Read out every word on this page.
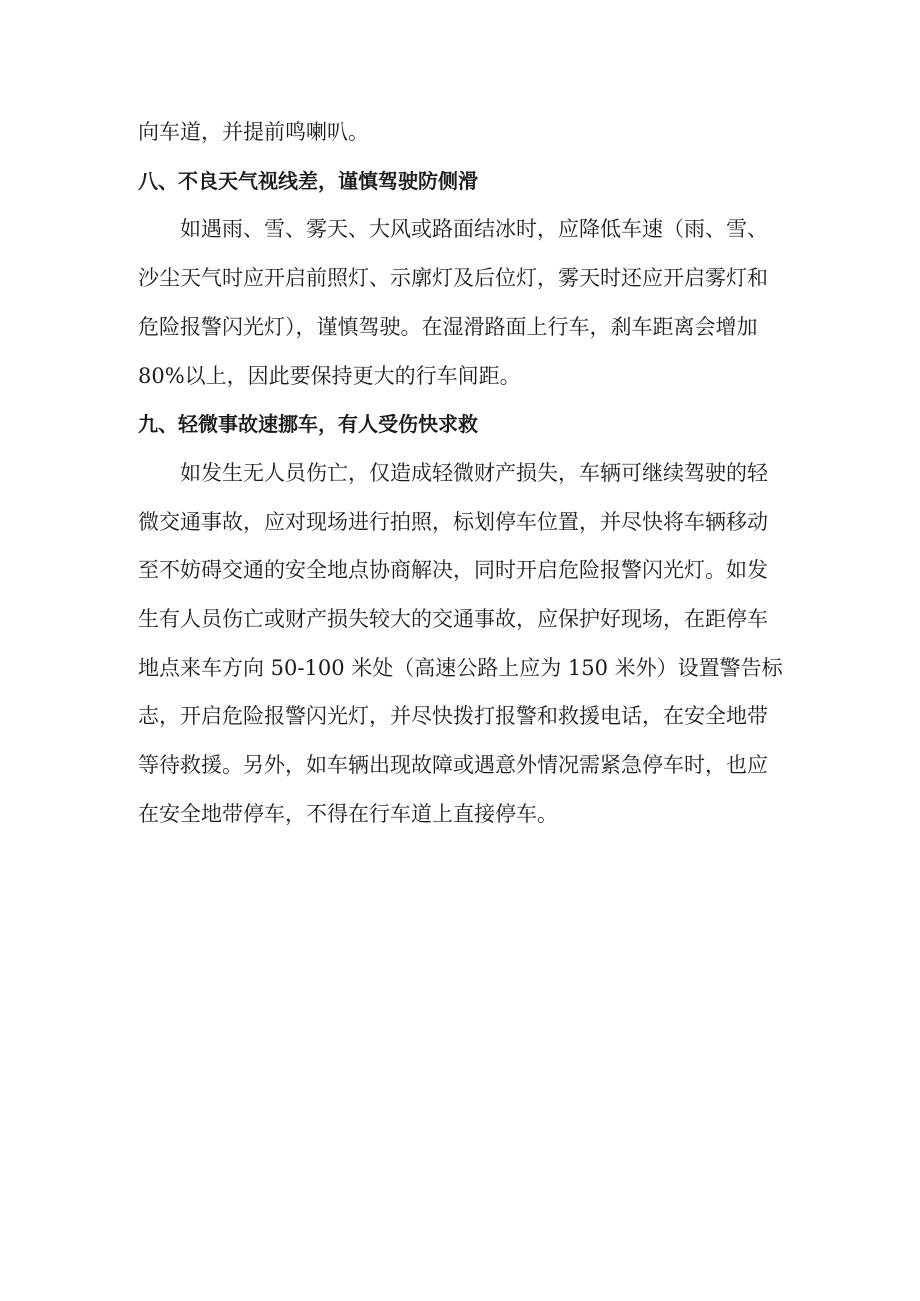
向车道，并提前鸣喇叭。

八、不良天气视线差，谨慎驾驶防侧滑

如遇雨、雪、雾天、大风或路面结冰时，应降低车速（雨、雪、
沙尘天气时应开启前照灯、示廓灯及后位灯，雾天时还应开启雾灯和
危险报警闪光灯），谨慎驾驶。在湿滑路面上行车，刹车距离会增加
80%以上，因此要保持更大的行车间距。

九、轻微事故速挪车，有人受伤快求救

如发生无人员伤亡，仅造成轻微财产损失，车辆可继续驾驶的轻
微交通事故，应对现场进行拍照，标划停车位置，并尽快将车辆移动
至不妨碍交通的安全地点协商解决，同时开启危险报警闪光灯。如发
生有人员伤亡或财产损失较大的交通事故，应保护好现场，在距停车
地点来车方向 50-100 米处（高速公路上应为 150 米外）设置警告标
志，开启危险报警闪光灯，并尽快拨打报警和救援电话，在安全地带
等待救援。另外，如车辆出现故障或遇意外情况需紧急停车时，也应
在安全地带停车，不得在行车道上直接停车。
